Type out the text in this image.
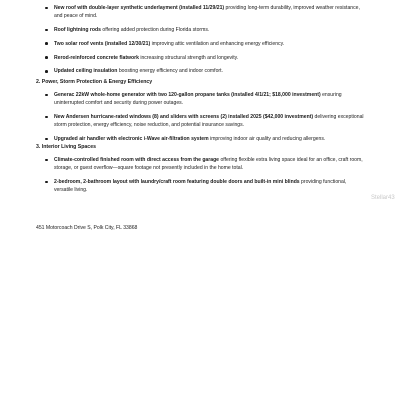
New roof with double-layer synthetic underlayment (installed 11/29/21) providing long-term durability, improved weather resistance, and peace of mind.
Roof lightning rods offering added protection during Florida storms.
Two solar roof vents (installed 12/30/21) improving attic ventilation and enhancing energy efficiency.
Rerod-reinforced concrete flatwork increasing structural strength and longevity.
Updated ceiling insulation boosting energy efficiency and indoor comfort.
2. Power, Storm Protection & Energy Efficiency
Generac 22kW whole-home generator with two 120-gallon propane tanks (installed 4/1/21; $18,000 investment) ensuring uninterrupted comfort and security during power outages.
New Andersen hurricane-rated windows (8) and sliders with screens (2) installed 2025 ($42,000 investment) delivering exceptional storm protection, energy efficiency, noise reduction, and potential insurance savings.
Upgraded air handler with electronic i-Wave air-filtration system improving indoor air quality and reducing allergens.
3. Interior Living Spaces
Climate-controlled finished room with direct access from the garage offering flexible extra living space ideal for an office, craft room, storage, or guest overflow—square footage not presently included in the home total.
2-bedroom, 2-bathroom layout with laundry/craft room featuring double doors and built-in mini blinds providing functional, versatile living.
Stellar43
451 Motorcoach Drive S, Polk City, FL 33868
